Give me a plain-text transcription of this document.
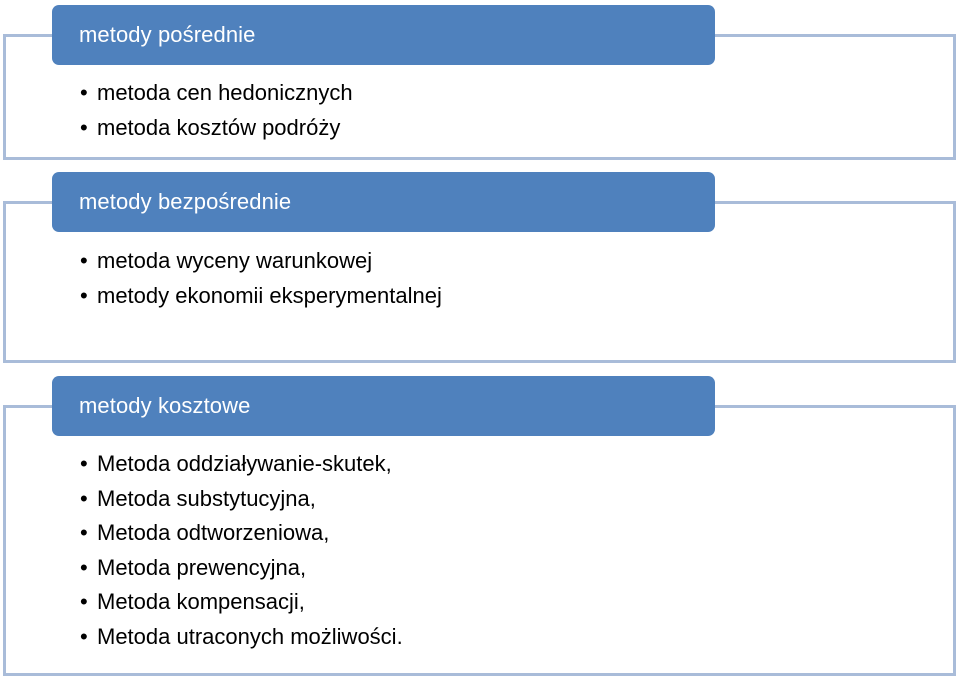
metody pośrednie
• metoda cen hedonicznych
• metoda kosztów podróży
metody bezpośrednie
• metoda wyceny warunkowej
• metody ekonomii eksperymentalnej
metody kosztowe
• Metoda oddziaływanie-skutek,
• Metoda substytucyjna,
• Metoda odtworzeniowa,
• Metoda prewencyjna,
• Metoda kompensacji,
• Metoda utraconych możliwości.
